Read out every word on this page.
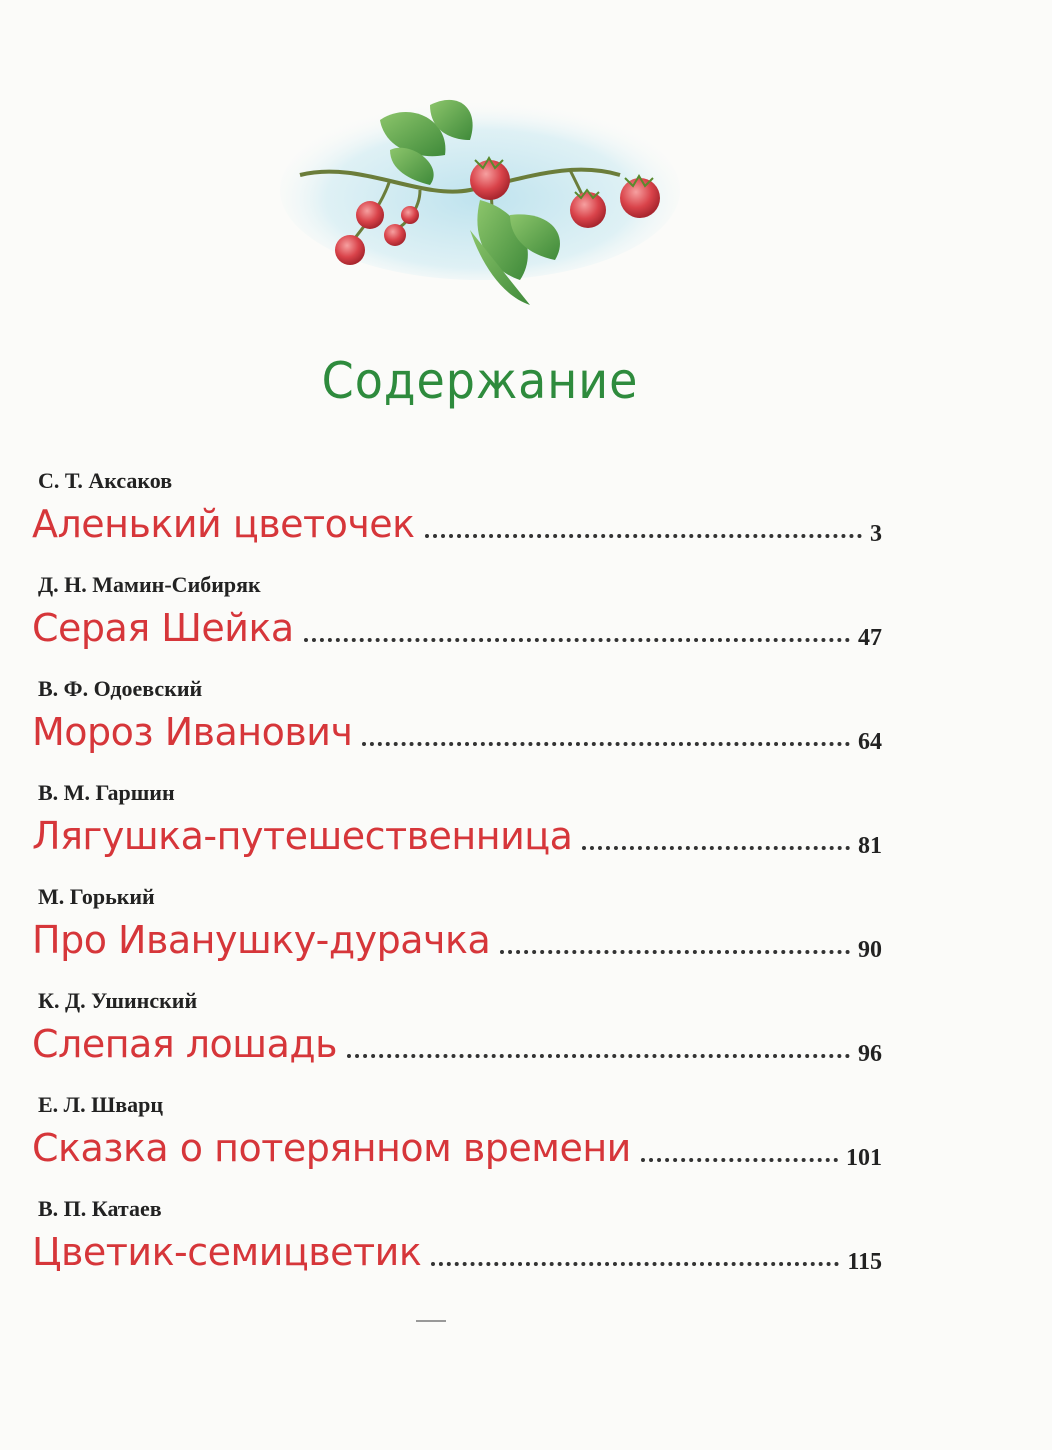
Содержание
С. Т. Аксаков
Аленький цветочек	3
Д. Н. Мамин-Сибиряк
Серая Шейка	47
В. Ф. Одоевский
Мороз Иванович	64
В. М. Гаршин
Лягушка-путешественница	81
М. Горький
Про Иванушку-дурачка	90
К. Д. Ушинский
Слепая лошадь	96
Е. Л. Шварц
Сказка о потерянном времени	101
В. П. Катаев
Цветик-семицветик	115
